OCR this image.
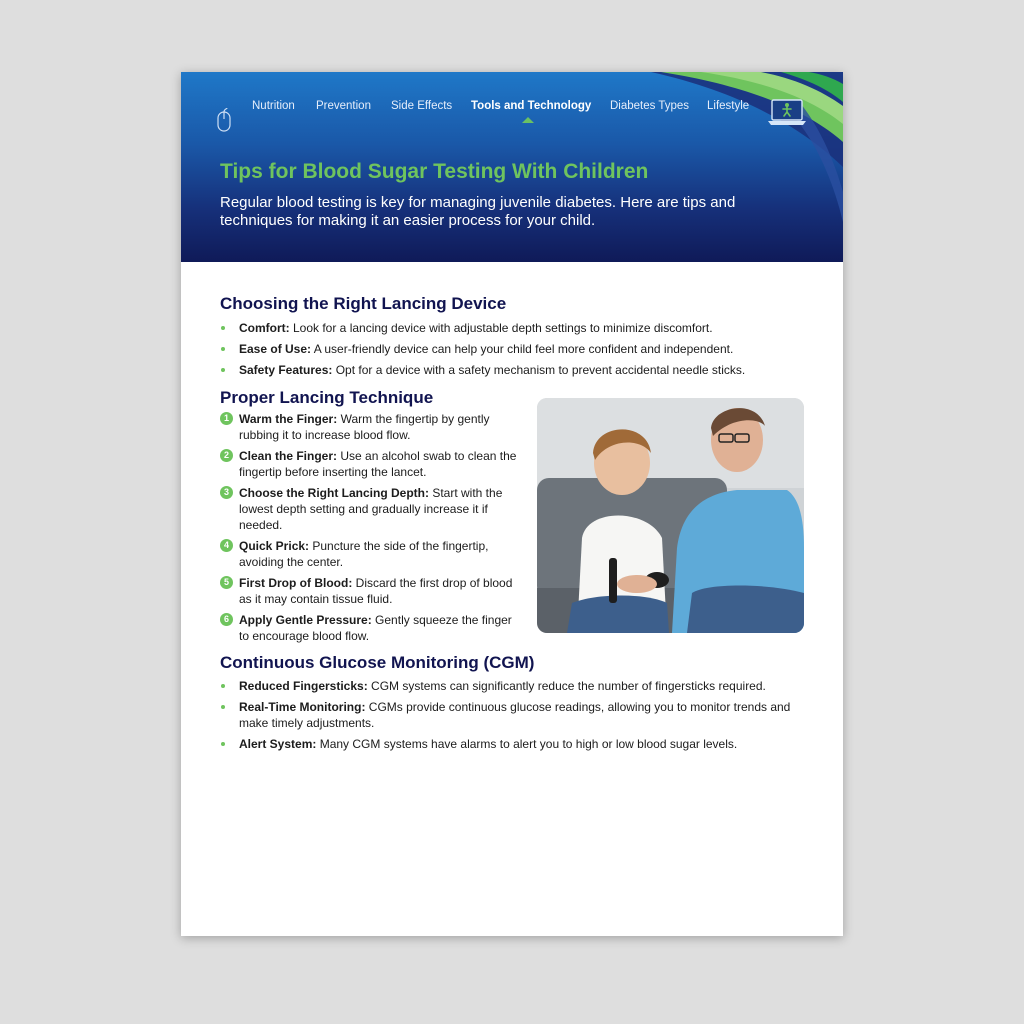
Nutrition Prevention Side Effects Tools and Technology Diabetes Types Lifestyle
Tips for Blood Sugar Testing With Children

Regular blood testing is key for managing juvenile diabetes. Here are tips and techniques for making it an easier process for your child.

Choosing the Right Lancing Device
Comfort: Look for a lancing device with adjustable depth settings to minimize discomfort.
Ease of Use: A user-friendly device can help your child feel more confident and independent.
Safety Features: Opt for a device with a safety mechanism to prevent accidental needle sticks.
Proper Lancing Technique
1 Warm the Finger: Warm the fingertip by gently rubbing it to increase blood flow.
2 Clean the Finger: Use an alcohol swab to clean the fingertip before inserting the lancet.
3 Choose the Right Lancing Depth: Start with the lowest depth setting and gradually increase it if needed.
4 Quick Prick: Puncture the side of the fingertip, avoiding the center.
5 First Drop of Blood: Discard the first drop of blood as it may contain tissue fluid.
6 Apply Gentle Pressure: Gently squeeze the finger to encourage blood flow.
Continuous Glucose Monitoring (CGM)
Reduced Fingersticks: CGM systems can significantly reduce the number of fingersticks required.
Real-Time Monitoring: CGMs provide continuous glucose readings, allowing you to monitor trends and make timely adjustments.
Alert System: Many CGM systems have alarms to alert you to high or low blood sugar levels.
